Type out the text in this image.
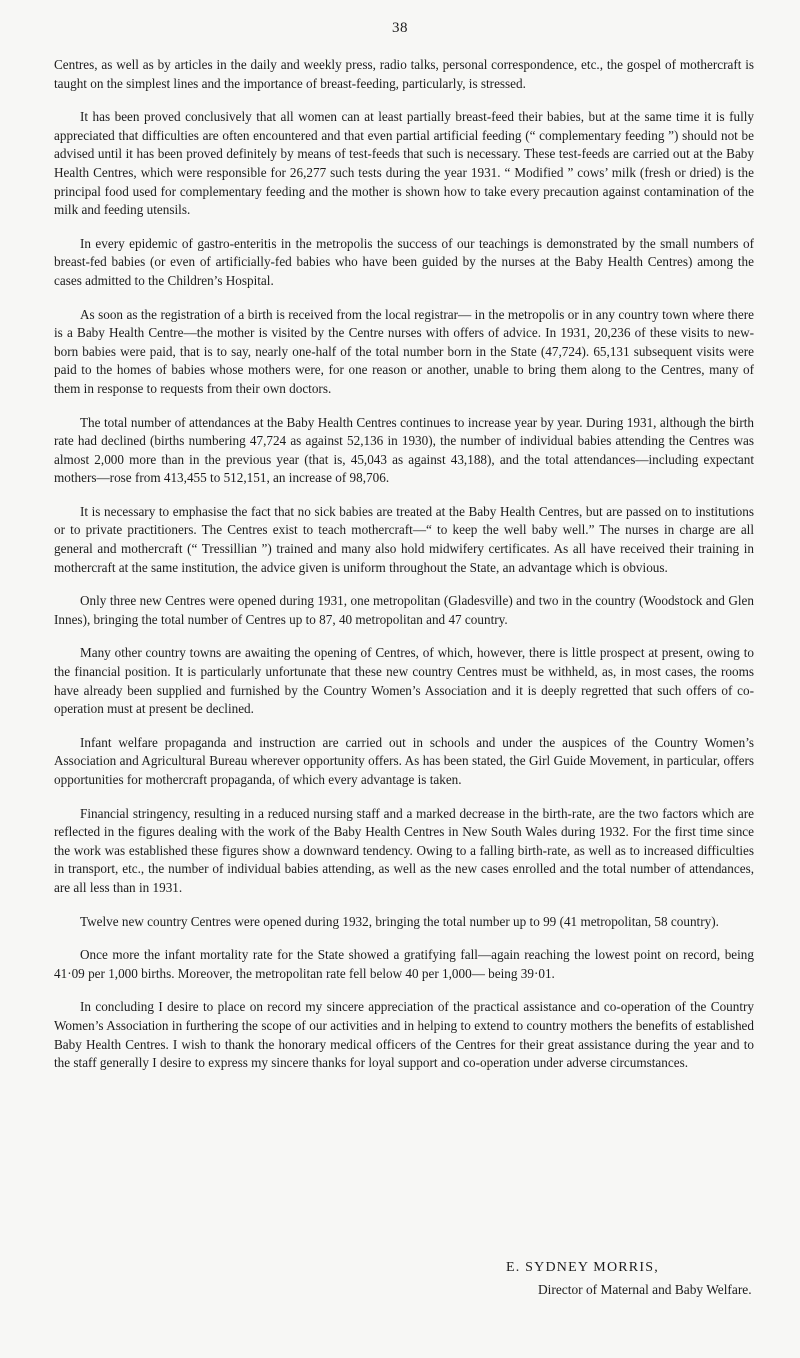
38

Centres, as well as by articles in the daily and weekly press, radio talks, personal correspondence, etc., the gospel of mothercraft is taught on the simplest lines and the importance of breast-feeding, particularly, is stressed.

It has been proved conclusively that all women can at least partially breast-feed their babies, but at the same time it is fully appreciated that difficulties are often encountered and that even partial artificial feeding (“ complementary feeding ”) should not be advised until it has been proved definitely by means of test-feeds that such is necessary. These test-feeds are carried out at the Baby Health Centres, which were responsible for 26,277 such tests during the year 1931. “ Modified ” cows’ milk (fresh or dried) is the principal food used for complementary feeding and the mother is shown how to take every precaution against contamination of the milk and feeding utensils.

In every epidemic of gastro-enteritis in the metropolis the success of our teachings is demonstrated by the small numbers of breast-fed babies (or even of artificially-fed babies who have been guided by the nurses at the Baby Health Centres) among the cases admitted to the Children’s Hospital.

As soon as the registration of a birth is received from the local registrar— in the metropolis or in any country town where there is a Baby Health Centre—the mother is visited by the Centre nurses with offers of advice. In 1931, 20,236 of these visits to new-born babies were paid, that is to say, nearly one-half of the total number born in the State (47,724). 65,131 subsequent visits were paid to the homes of babies whose mothers were, for one reason or another, unable to bring them along to the Centres, many of them in response to requests from their own doctors.

The total number of attendances at the Baby Health Centres continues to increase year by year. During 1931, although the birth rate had declined (births numbering 47,724 as against 52,136 in 1930), the number of individual babies attending the Centres was almost 2,000 more than in the previous year (that is, 45,043 as against 43,188), and the total attendances—including expectant mothers—rose from 413,455 to 512,151, an increase of 98,706.

It is necessary to emphasise the fact that no sick babies are treated at the Baby Health Centres, but are passed on to institutions or to private practitioners. The Centres exist to teach mothercraft—“ to keep the well baby well.” The nurses in charge are all general and mothercraft (“ Tressillian ”) trained and many also hold midwifery certificates. As all have received their training in mothercraft at the same institution, the advice given is uniform throughout the State, an advantage which is obvious.

Only three new Centres were opened during 1931, one metropolitan (Gladesville) and two in the country (Woodstock and Glen Innes), bringing the total number of Centres up to 87, 40 metropolitan and 47 country.

Many other country towns are awaiting the opening of Centres, of which, however, there is little prospect at present, owing to the financial position. It is particularly unfortunate that these new country Centres must be withheld, as, in most cases, the rooms have already been supplied and furnished by the Country Women’s Association and it is deeply regretted that such offers of co-operation must at present be declined.

Infant welfare propaganda and instruction are carried out in schools and under the auspices of the Country Women’s Association and Agricultural Bureau wherever opportunity offers. As has been stated, the Girl Guide Movement, in particular, offers opportunities for mothercraft propaganda, of which every advantage is taken.

Financial stringency, resulting in a reduced nursing staff and a marked decrease in the birth-rate, are the two factors which are reflected in the figures dealing with the work of the Baby Health Centres in New South Wales during 1932. For the first time since the work was established these figures show a downward tendency. Owing to a falling birth-rate, as well as to increased difficulties in transport, etc., the number of individual babies attending, as well as the new cases enrolled and the total number of attendances, are all less than in 1931.

Twelve new country Centres were opened during 1932, bringing the total number up to 99 (41 metropolitan, 58 country).

Once more the infant mortality rate for the State showed a gratifying fall—again reaching the lowest point on record, being 41·09 per 1,000 births. Moreover, the metropolitan rate fell below 40 per 1,000— being 39·01.

In concluding I desire to place on record my sincere appreciation of the practical assistance and co-operation of the Country Women’s Association in furthering the scope of our activities and in helping to extend to country mothers the benefits of established Baby Health Centres. I wish to thank the honorary medical officers of the Centres for their great assistance during the year and to the staff generally I desire to express my sincere thanks for loyal support and co-operation under adverse circumstances.

E. SYDNEY MORRIS,

Director of Maternal and Baby Welfare.
